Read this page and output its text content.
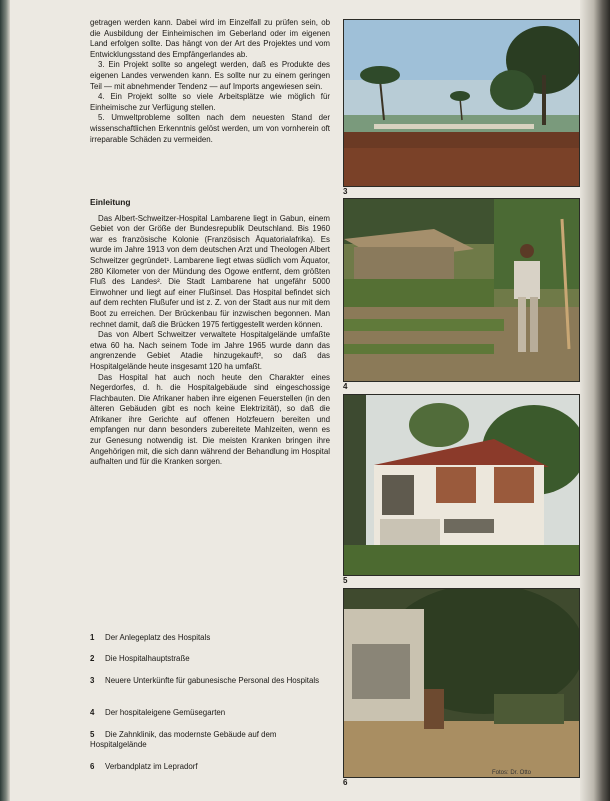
getragen werden kann. Dabei wird im Einzelfall zu prüfen sein, ob die Ausbildung der Einheimischen im Geberland oder im eigenen Land erfolgen sollte. Das hängt von der Art des Projektes und vom Entwicklungsstand des Empfängerlandes ab.

3. Ein Projekt sollte so angelegt werden, daß es Produkte des eigenen Landes verwenden kann. Es sollte nur zu einem geringen Teil — mit abnehmender Tendenz — auf Imports angewiesen sein.

4. Ein Projekt sollte so viele Arbeitsplätze wie möglich für Einheimische zur Verfügung stellen.

5. Umweltprobleme sollten nach dem neuesten Stand der wissenschaftlichen Erkenntnis gelöst werden, um von vornherein oft irreparable Schäden zu vermeiden.

Einleitung

Das Albert-Schweitzer-Hospital Lambarene liegt in Gabun, einem Gebiet von der Größe der Bundesrepublik Deutschland. Bis 1960 war es französische Kolonie (Französisch Äquatorialafrika). Es wurde im Jahre 1913 von dem deutschen Arzt und Theologen Albert Schweitzer gegründet¹. Lambarene liegt etwas südlich vom Äquator, 280 Kilometer von der Mündung des Ogowe entfernt, dem größten Fluß des Landes². Die Stadt Lambarene hat ungefähr 5000 Einwohner und liegt auf einer Flußinsel. Das Hospital befindet sich auf dem rechten Flußufer und ist z. Z. von der Stadt aus nur mit dem Boot zu erreichen. Der Brückenbau für inzwischen begonnen. Man rechnet damit, daß die Brücken 1975 fertiggestellt werden können.

Das von Albert Schweitzer verwaltete Hospitalgelände umfaßte etwa 60 ha. Nach seinem Tode im Jahre 1965 wurde dann das angrenzende Gebiet Atadie hinzugekauft³, so daß das Hospitalgelände heute insgesamt 120 ha umfaßt.

Das Hospital hat auch noch heute den Charakter eines Negerdorfes, d. h. die Hospitalgebäude sind eingeschossige Flachbauten. Die Afrikaner haben ihre eigenen Feuerstellen (in den älteren Gebäuden gibt es noch keine Elektrizität), so daß die Afrikaner ihre Gerichte auf offenen Holzfeuern bereiten und empfangen nur dann besonders zubereitete Mahlzeiten, wenn es zur Genesung notwendig ist. Die meisten Kranken bringen ihre Angehörigen mit, die sich dann während der Behandlung im Hospital aufhalten und für die Kranken sorgen.

1 Der Anlegeplatz des Hospitals
2 Die Hospitalhauptstraße
3 Neuere Unterkünfte für gabunesische Personal des Hospitals
4 Der hospitaleigene Gemüsegarten
5 Die Zahnklinik, das modernste Gebäude auf dem Hospitalgelände
6 Verbandplatz im Lepradorf
3
4
5
6
Fotos: Dr. Otto
